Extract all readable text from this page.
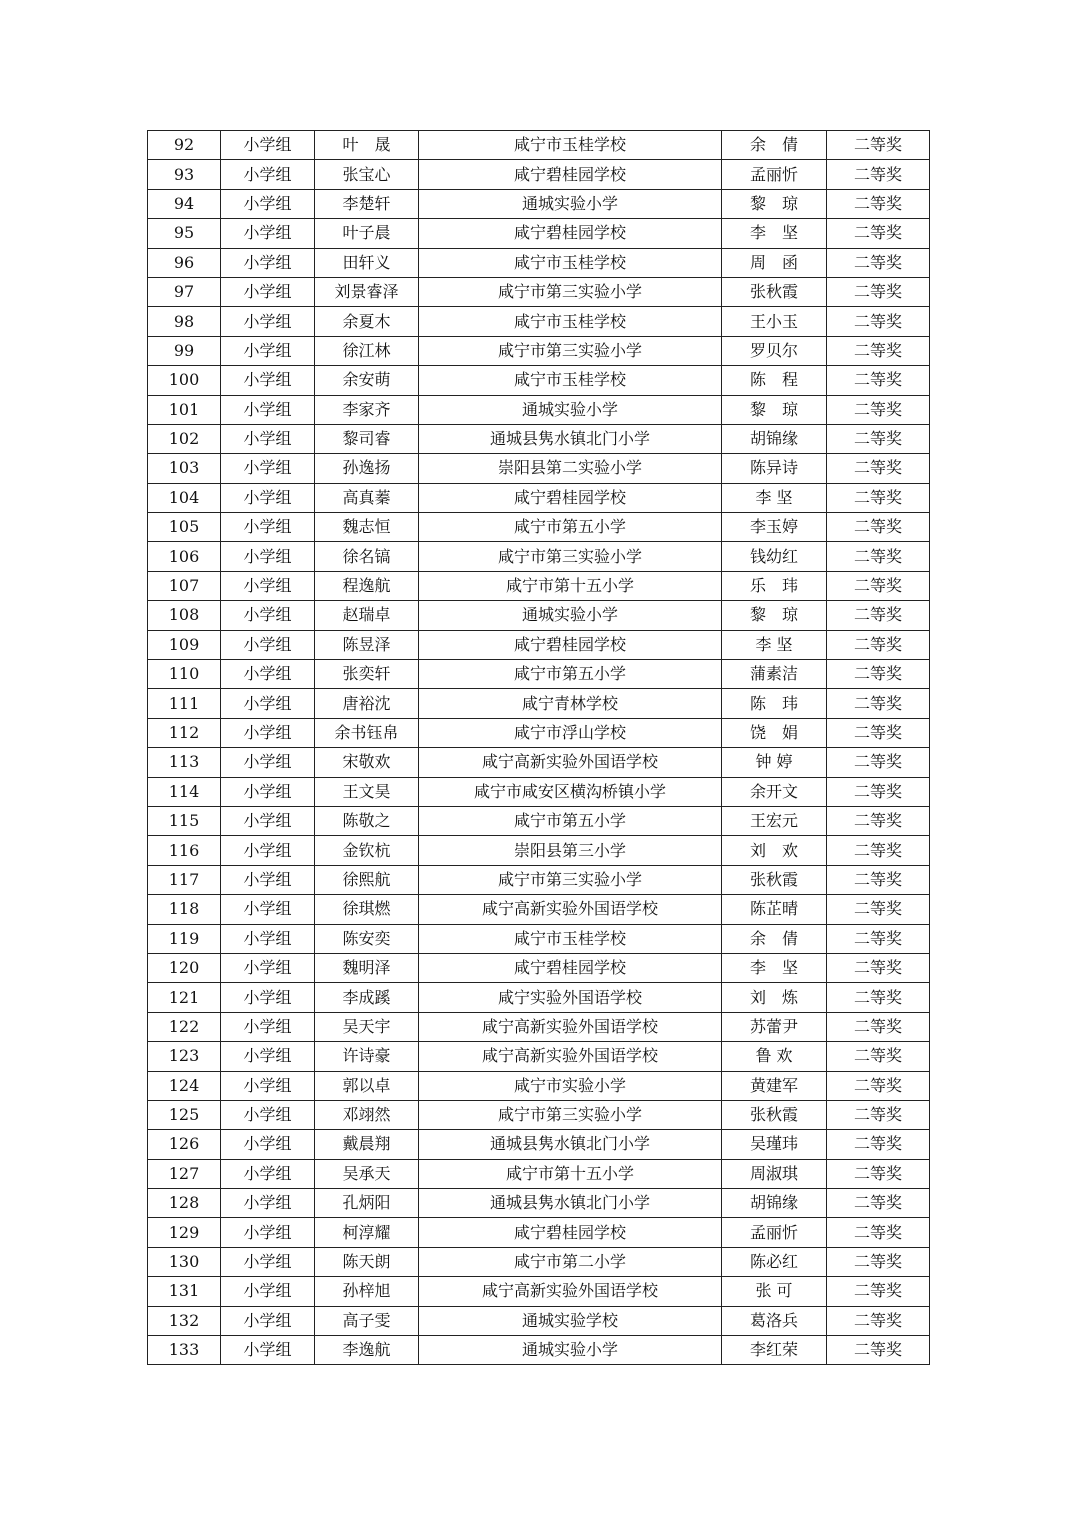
92	小学组	叶　晟	咸宁市玉桂学校	余　倩	二等奖
93	小学组	张宝心	咸宁碧桂园学校	孟丽忻	二等奖
94	小学组	李楚轩	通城实验小学	黎　琼	二等奖
95	小学组	叶子晨	咸宁碧桂园学校	李　坚	二等奖
96	小学组	田轩义	咸宁市玉桂学校	周　函	二等奖
97	小学组	刘景睿泽	咸宁市第三实验小学	张秋霞	二等奖
98	小学组	余夏木	咸宁市玉桂学校	王小玉	二等奖
99	小学组	徐江林	咸宁市第三实验小学	罗贝尔	二等奖
100	小学组	余安萌	咸宁市玉桂学校	陈　程	二等奖
101	小学组	李家齐	通城实验小学	黎　琼	二等奖
102	小学组	黎司睿	通城县隽水镇北门小学	胡锦缘	二等奖
103	小学组	孙逸扬	崇阳县第二实验小学	陈异诗	二等奖
104	小学组	高真蓁	咸宁碧桂园学校	李 坚	二等奖
105	小学组	魏志恒	咸宁市第五小学	李玉婷	二等奖
106	小学组	徐名镐	咸宁市第三实验小学	钱幼红	二等奖
107	小学组	程逸航	咸宁市第十五小学	乐　玮	二等奖
108	小学组	赵瑞卓	通城实验小学	黎　琼	二等奖
109	小学组	陈昱泽	咸宁碧桂园学校	李 坚	二等奖
110	小学组	张奕轩	咸宁市第五小学	蒲素洁	二等奖
111	小学组	唐裕沈	咸宁青林学校	陈　玮	二等奖
112	小学组	余书钰帛	咸宁市浮山学校	饶　娟	二等奖
113	小学组	宋敬欢	咸宁高新实验外国语学校	钟 婷	二等奖
114	小学组	王文昊	咸宁市咸安区横沟桥镇小学	余开文	二等奖
115	小学组	陈敬之	咸宁市第五小学	王宏元	二等奖
116	小学组	金钦杭	崇阳县第三小学	刘　欢	二等奖
117	小学组	徐熙航	咸宁市第三实验小学	张秋霞	二等奖
118	小学组	徐琪燃	咸宁高新实验外国语学校	陈芷晴	二等奖
119	小学组	陈安奕	咸宁市玉桂学校	余　倩	二等奖
120	小学组	魏明泽	咸宁碧桂园学校	李　坚	二等奖
121	小学组	李成蹊	咸宁实验外国语学校	刘　炼	二等奖
122	小学组	吴天宇	咸宁高新实验外国语学校	苏蕾尹	二等奖
123	小学组	许诗豪	咸宁高新实验外国语学校	鲁 欢	二等奖
124	小学组	郭以卓	咸宁市实验小学	黄建军	二等奖
125	小学组	邓翊然	咸宁市第三实验小学	张秋霞	二等奖
126	小学组	戴晨翔	通城县隽水镇北门小学	吴瑾玮	二等奖
127	小学组	吴承天	咸宁市第十五小学	周淑琪	二等奖
128	小学组	孔炳阳	通城县隽水镇北门小学	胡锦缘	二等奖
129	小学组	柯淳耀	咸宁碧桂园学校	孟丽忻	二等奖
130	小学组	陈天朗	咸宁市第二小学	陈必红	二等奖
131	小学组	孙梓旭	咸宁高新实验外国语学校	张 可	二等奖
132	小学组	高子雯	通城实验学校	葛洛兵	二等奖
133	小学组	李逸航	通城实验小学	李红荣	二等奖
